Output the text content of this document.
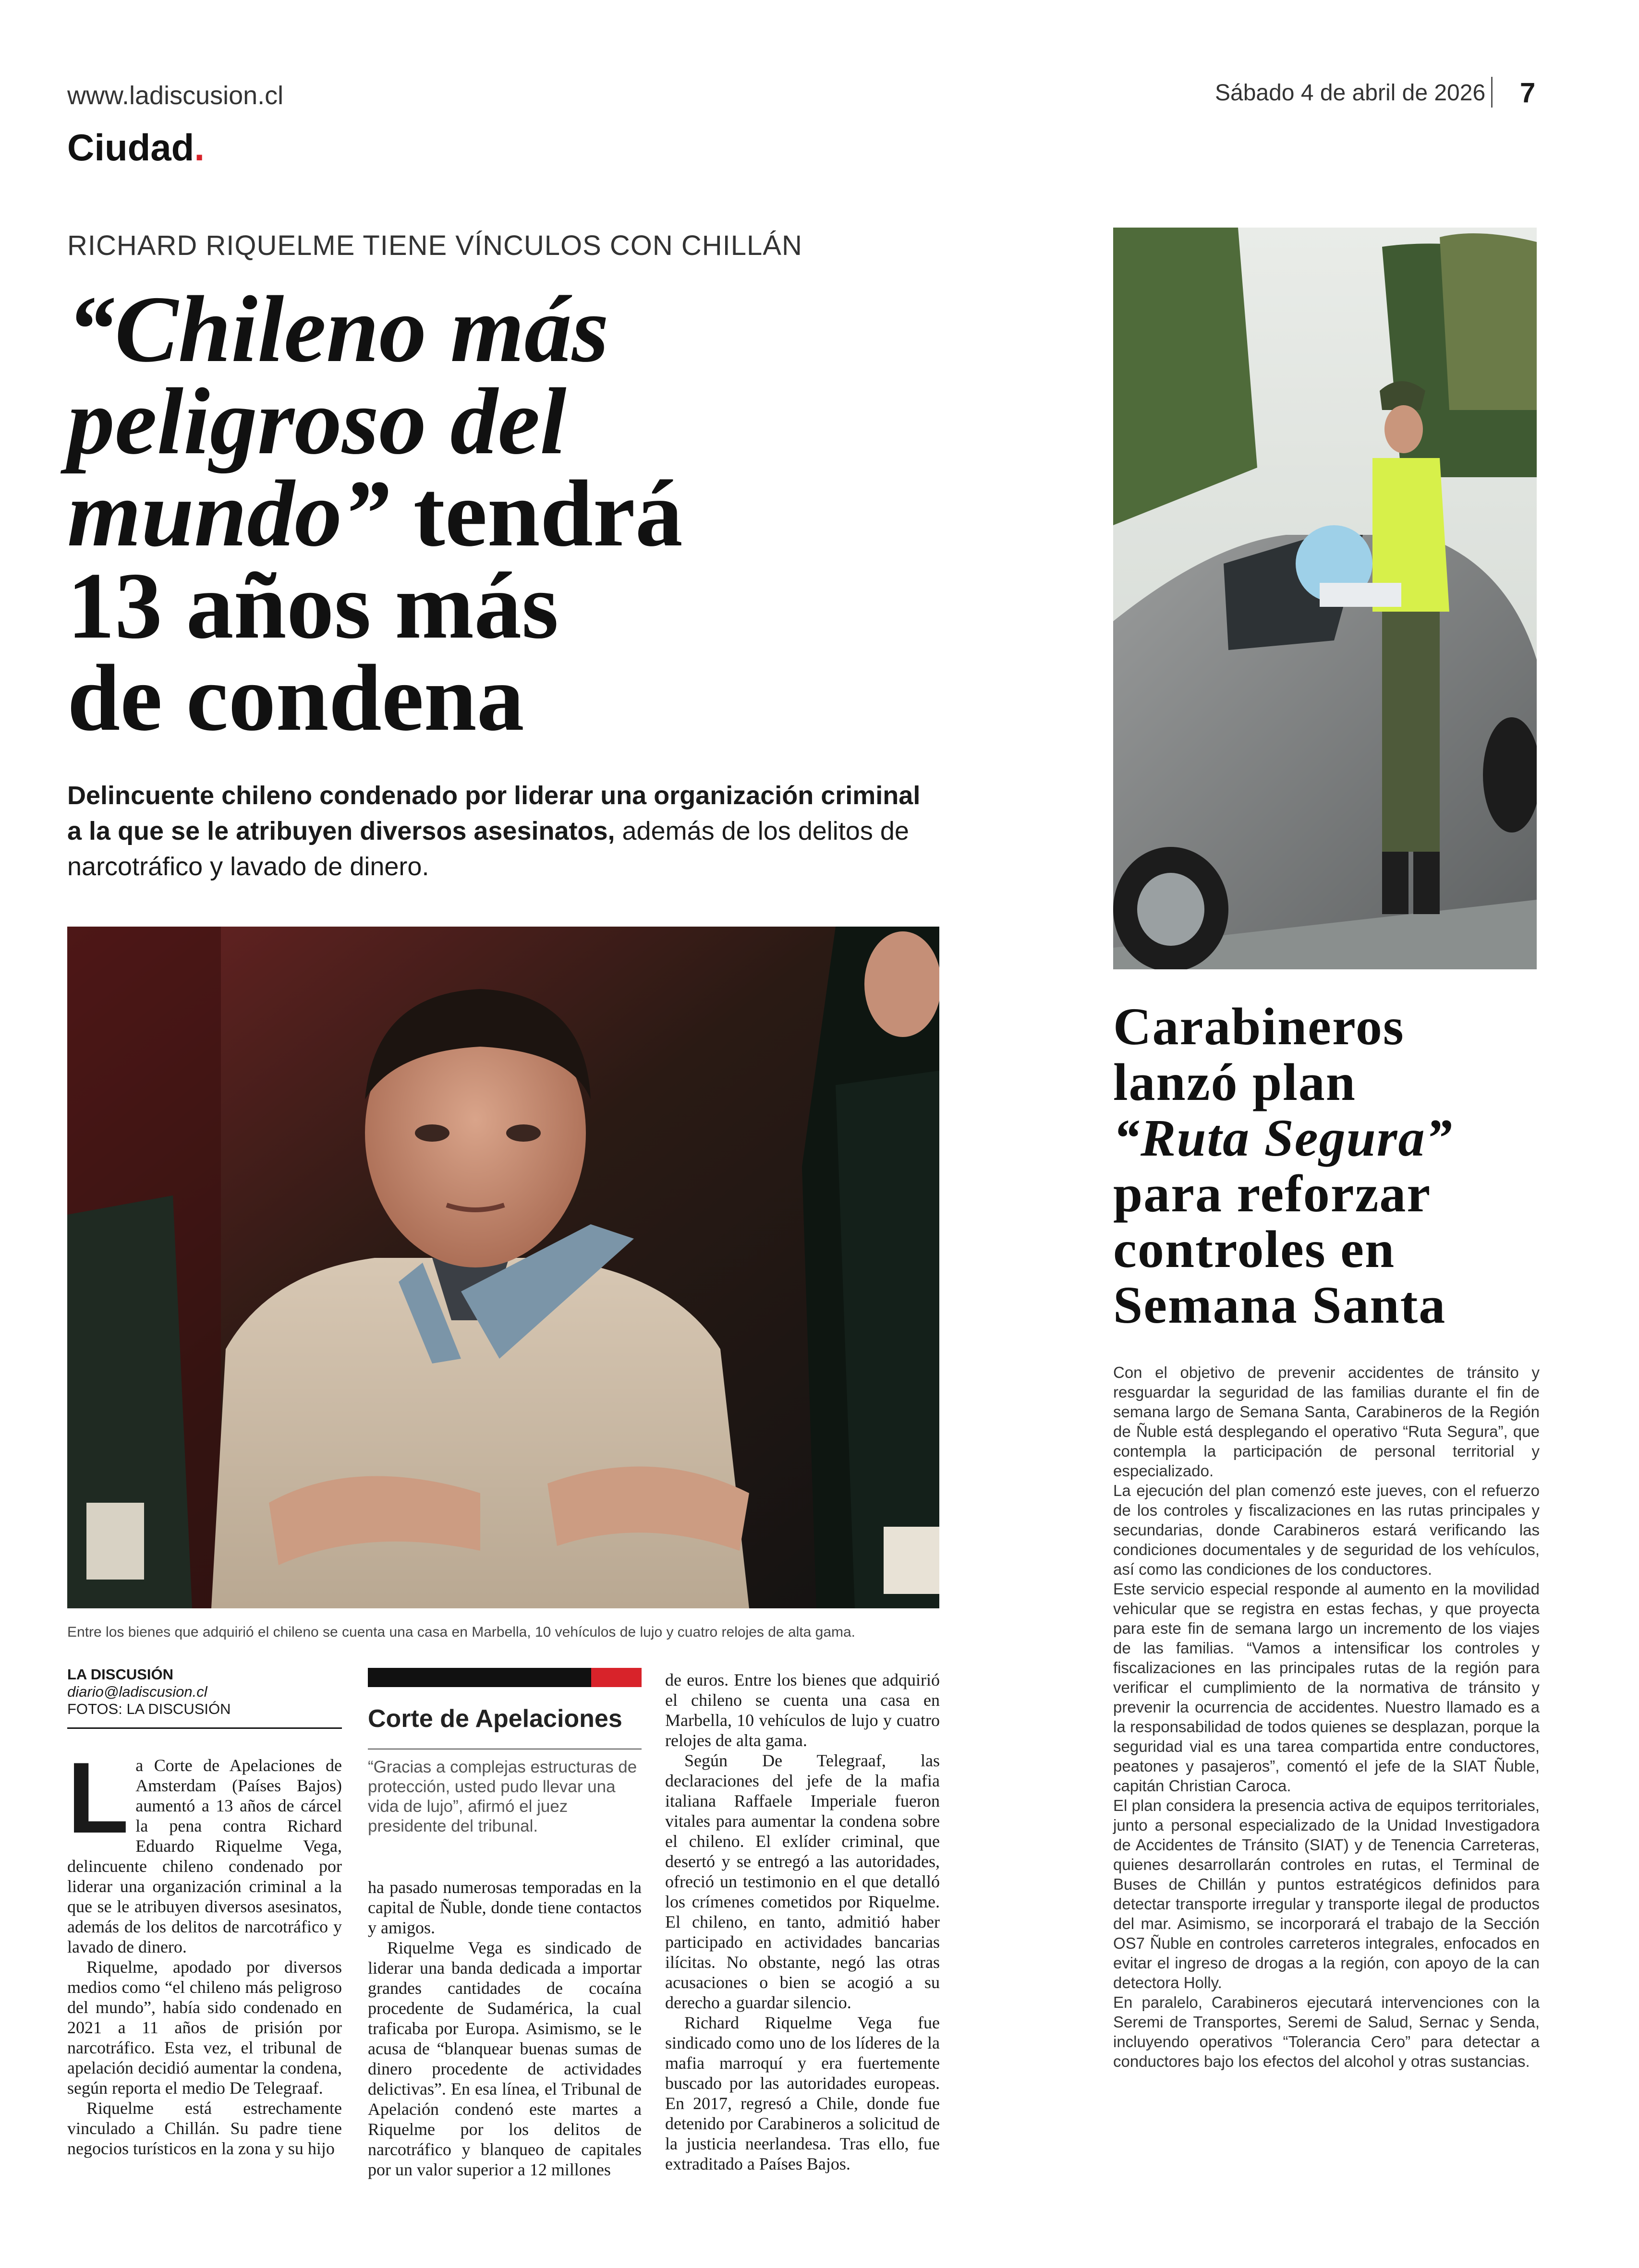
www.ladiscusion.cl
Ciudad.
Sábado 4 de abril de 2026 7
RICHARD RIQUELME TIENE VÍNCULOS CON CHILLÁN
“Chileno más
peligroso del
mundo” tendrá
13 años más
de condena
Delincuente chileno condenado por liderar una organización criminal a la que se le atribuyen diversos asesinatos, además de los delitos de narcotráfico y lavado de dinero.
Entre los bienes que adquirió el chileno se cuenta una casa en Marbella, 10 vehículos de lujo y cuatro relojes de alta gama.
LA DISCUSIÓN
diario@ladiscusion.cl
FOTOS: LA DISCUSIÓN

La Corte de Apelaciones de Amsterdam (Países Bajos) aumentó a 13 años de cárcel la pena contra Richard Eduardo Riquelme Vega, delincuente chileno condenado por liderar una organización criminal a la que se le atribuyen diversos asesinatos, además de los delitos de narcotráfico y lavado de dinero.

Riquelme, apodado por diversos medios como “el chileno más peligroso del mundo”, había sido condenado en 2021 a 11 años de prisión por narcotráfico. Esta vez, el tribunal de apelación decidió aumentar la condena, según reporta el medio De Telegraaf.

Riquelme está estrechamente vinculado a Chillán. Su padre tiene negocios turísticos en la zona y su hijo

Corte de Apelaciones
“Gracias a complejas estructuras de protección, usted pudo llevar una vida de lujo”, afirmó el juez presidente del tribunal.

ha pasado numerosas temporadas en la capital de Ñuble, donde tiene contactos y amigos.

Riquelme Vega es sindicado de liderar una banda dedicada a importar grandes cantidades de cocaína procedente de Sudamérica, la cual traficaba por Europa. Asimismo, se le acusa de “blanquear buenas sumas de dinero procedente de actividades delictivas”. En esa línea, el Tribunal de Apelación condenó este martes a Riquelme por los delitos de narcotráfico y blanqueo de capitales por un valor superior a 12 millones

de euros. Entre los bienes que adquirió el chileno se cuenta una casa en Marbella, 10 vehículos de lujo y cuatro relojes de alta gama.

Según De Telegraaf, las declaraciones del jefe de la mafia italiana Raffaele Imperiale fueron vitales para aumentar la condena sobre el chileno. El exlíder criminal, que desertó y se entregó a las autoridades, ofreció un testimonio en el que detalló los crímenes cometidos por Riquelme. El chileno, en tanto, admitió haber participado en actividades bancarias ilícitas. No obstante, negó las otras acusaciones o bien se acogió a su derecho a guardar silencio.

Richard Riquelme Vega fue sindicado como uno de los líderes de la mafia marroquí y era fuertemente buscado por las autoridades europeas. En 2017, regresó a Chile, donde fue detenido por Carabineros a solicitud de la justicia neerlandesa. Tras ello, fue extraditado a Países Bajos.

Carabineros
lanzó plan
“Ruta Segura”
para reforzar
controles en
Semana Santa

Con el objetivo de prevenir accidentes de tránsito y resguardar la seguridad de las familias durante el fin de semana largo de Semana Santa, Carabineros de la Región de Ñuble está desplegando el operativo “Ruta Segura”, que contempla la participación de personal territorial y especializado.

La ejecución del plan comenzó este jueves, con el refuerzo de los controles y fiscalizaciones en las rutas principales y secundarias, donde Carabineros estará verificando las condiciones documentales y de seguridad de los vehículos, así como las condiciones de los conductores.

Este servicio especial responde al aumento en la movilidad vehicular que se registra en estas fechas, y que proyecta para este fin de semana largo un incremento de los viajes de las familias. “Vamos a intensificar los controles y fiscalizaciones en las principales rutas de la región para verificar el cumplimiento de la normativa de tránsito y prevenir la ocurrencia de accidentes. Nuestro llamado es a la responsabilidad de todos quienes se desplazan, porque la seguridad vial es una tarea compartida entre conductores, peatones y pasajeros”, comentó el jefe de la SIAT Ñuble, capitán Christian Caroca.

El plan considera la presencia activa de equipos territoriales, junto a personal especializado de la Unidad Investigadora de Accidentes de Tránsito (SIAT) y de Tenencia Carreteras, quienes desarrollarán controles en rutas, el Terminal de Buses de Chillán y puntos estratégicos definidos para detectar transporte irregular y transporte ilegal de productos del mar. Asimismo, se incorporará el trabajo de la Sección OS7 Ñuble en controles carreteros integrales, enfocados en evitar el ingreso de drogas a la región, con apoyo de la can detectora Holly.

En paralelo, Carabineros ejecutará intervenciones con la Seremi de Transportes, Seremi de Salud, Sernac y Senda, incluyendo operativos “Tolerancia Cero” para detectar a conductores bajo los efectos del alcohol y otras sustancias.
